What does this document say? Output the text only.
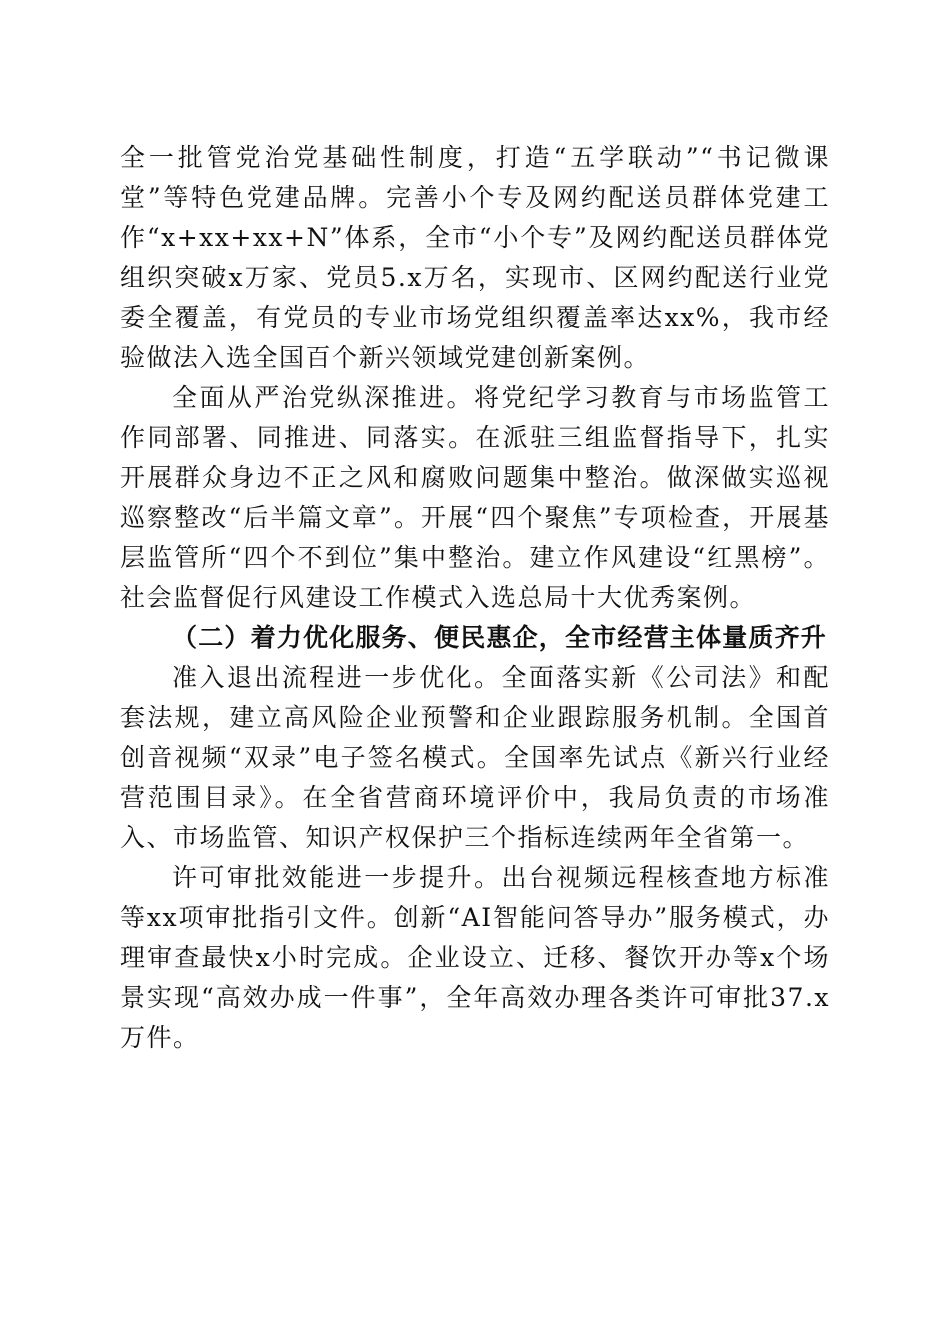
全一批管党治党基础性制度，打造“五学联动”“书记微课堂”等特色党建品牌。完善小个专及网约配送员群体党建工作“x+xx+xx+N”体系，全市“小个专”及网约配送员群体党组织突破x万家、党员5.x万名，实现市、区网约配送行业党委全覆盖，有党员的专业市场党组织覆盖率达xx%，我市经验做法入选全国百个新兴领域党建创新案例。

全面从严治党纵深推进。将党纪学习教育与市场监管工作同部署、同推进、同落实。在派驻三组监督指导下，扎实开展群众身边不正之风和腐败问题集中整治。做深做实巡视巡察整改“后半篇文章”。开展“四个聚焦”专项检查，开展基层监管所“四个不到位”集中整治。建立作风建设“红黑榜”。社会监督促行风建设工作模式入选总局十大优秀案例。

（二）着力优化服务、便民惠企，全市经营主体量质齐升

准入退出流程进一步优化。全面落实新《公司法》和配套法规，建立高风险企业预警和企业跟踪服务机制。全国首创音视频“双录”电子签名模式。全国率先试点《新兴行业经营范围目录》。在全省营商环境评价中，我局负责的市场准入、市场监管、知识产权保护三个指标连续两年全省第一。

许可审批效能进一步提升。出台视频远程核查地方标准等xx项审批指引文件。创新“AI智能问答导办”服务模式，办理审查最快x小时完成。企业设立、迁移、餐饮开办等x个场景实现“高效办成一件事”，全年高效办理各类许可审批37.x万件。
